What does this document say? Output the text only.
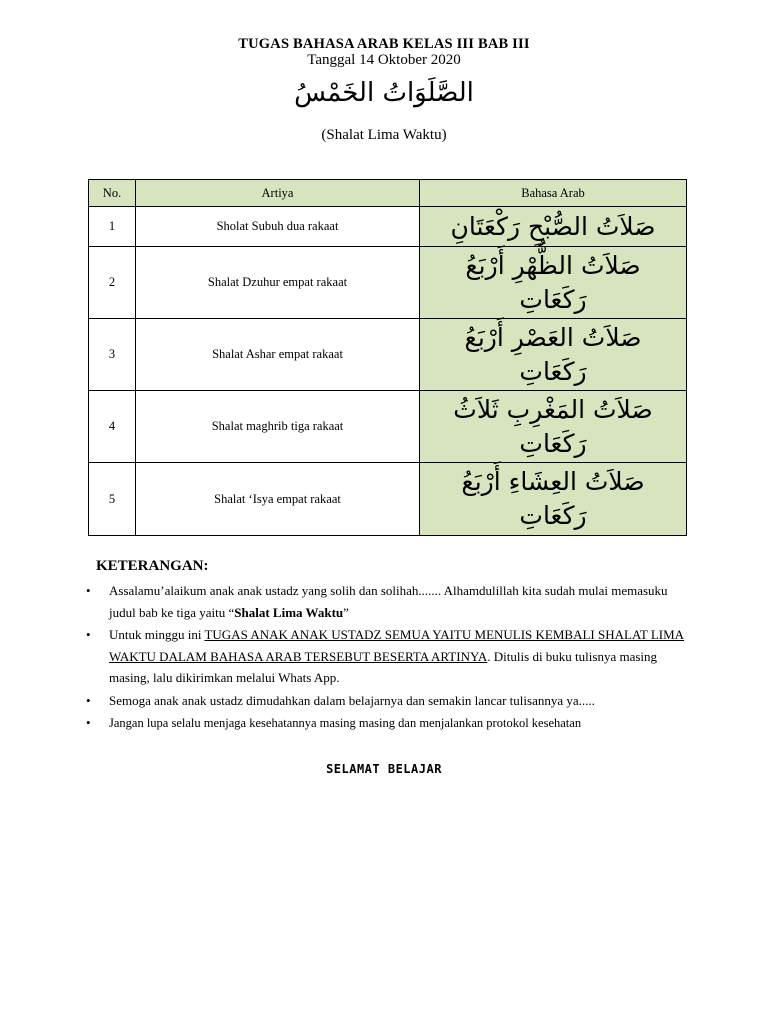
TUGAS BAHASA ARAB KELAS III BAB III
Tanggal 14 Oktober 2020
الصَّلَوَاتُ الخَمْسُ
(Shalat Lima Waktu)
No.	Artiya	Bahasa Arab
1	Sholat Subuh dua rakaat	صَلاَتُ الصُّبْحِ رَكْعَتَانِ
2	Shalat Dzuhur empat rakaat	صَلاَتُ الظُّهْرِ أَرْبَعُ رَكَعَاتِ
3	Shalat Ashar empat rakaat	صَلاَتُ العَصْرِ أَرْبَعُ رَكَعَاتِ
4	Shalat maghrib tiga rakaat	صَلاَتُ المَغْرِبِ ثَلاَثُ رَكَعَاتِ
5	Shalat ‘Isya empat rakaat	صَلاَتُ العِشَاءِ أَرْبَعُ رَكَعَاتِ
KETERANGAN:
• Assalamu’alaikum anak anak ustadz yang solih dan solihah....... Alhamdulillah kita sudah mulai memasuku judul bab ke tiga yaitu “Shalat Lima Waktu”
• Untuk minggu ini TUGAS ANAK ANAK USTADZ SEMUA YAITU MENULIS KEMBALI SHALAT LIMA WAKTU DALAM BAHASA ARAB TERSEBUT BESERTA ARTINYA. Ditulis di buku tulisnya masing masing, lalu dikirimkan melalui Whats App.
• Semoga anak anak ustadz dimudahkan dalam belajarnya dan semakin lancar tulisannya ya.....
• Jangan lupa selalu menjaga kesehatannya masing masing dan menjalankan protokol kesehatan
SELAMAT BELAJAR
